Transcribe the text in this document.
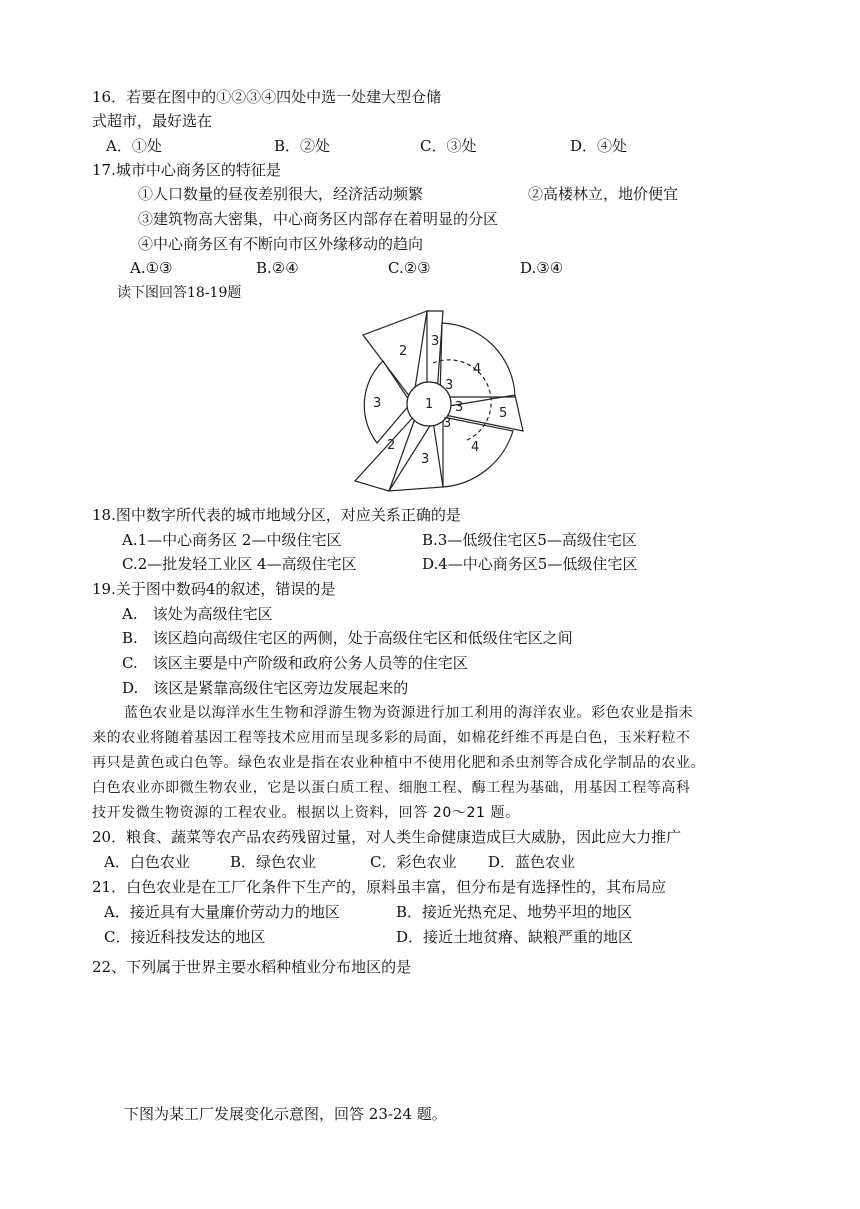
16．若要在图中的①②③④四处中选一处建大型仓储
式超市，最好选在
A．①处	B．②处	C．③处	D．④处
17.城市中心商务区的特征是
①人口数量的昼夜差别很大，经济活动频繁	②高楼林立，地价便宜
③建筑物高大密集，中心商务区内部存在着明显的分区
④中心商务区有不断向市区外缘移动的趋向
A.①③	B.②④	C.②③	D.③④
读下图回答18-19题
1
2
3
3
3	3
3
3
4
4
5
2
18.图中数字所代表的城市地域分区，对应关系正确的是
A.1—中心商务区 2—中级住宅区	B.3—低级住宅区5—高级住宅区
C.2—批发轻工业区 4—高级住宅区	D.4—中心商务区5—低级住宅区
19.关于图中数码4的叙述，错误的是
A.　该处为高级住宅区
B.　该区趋向高级住宅区的两侧，处于高级住宅区和低级住宅区之间
C.　该区主要是中产阶级和政府公务人员等的住宅区
D.　该区是紧靠高级住宅区旁边发展起来的
蓝色农业是以海洋水生生物和浮游生物为资源进行加工利用的海洋农业。彩色农业是指未
来的农业将随着基因工程等技术应用而呈现多彩的局面，如棉花纤维不再是白色，玉米籽粒不
再只是黄色或白色等。绿色农业是指在农业种植中不使用化肥和杀虫剂等合成化学制品的农业。
白色农业亦即微生物农业，它是以蛋白质工程、细胞工程、酶工程为基础，用基因工程等高科
技开发微生物资源的工程农业。根据以上资料，回答 20～21 题。
20．粮食、蔬菜等农产品农药残留过量，对人类生命健康造成巨大威胁，因此应大力推广
A．白色农业	B．绿色农业	C．彩色农业 D．蓝色农业
21．白色农业是在工厂化条件下生产的，原料虽丰富，但分布是有选择性的，其布局应
A．接近具有大量廉价劳动力的地区	B．接近光热充足、地势平坦的地区
C．接近科技发达的地区	D．接近土地贫瘠、缺粮严重的地区
22、下列属于世界主要水稻种植业分布地区的是
下图为某工厂发展变化示意图，回答 23-24 题。
